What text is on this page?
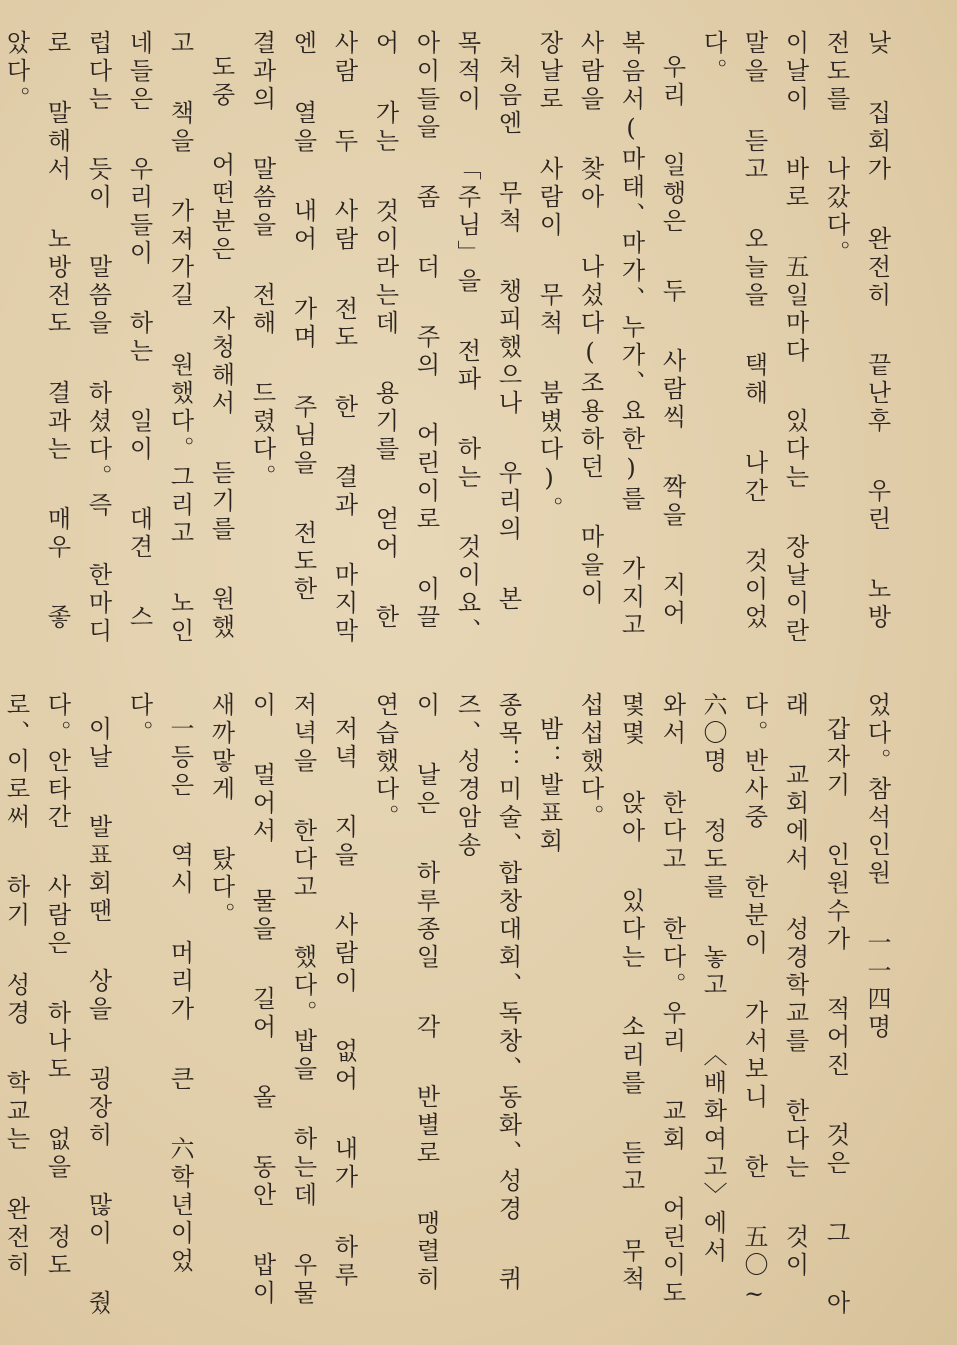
낮 집회가 완전히 끝난후 우린 노방 전도를 나갔다。

이날이 바로 五일마다 있다는 장날이란 말을 듣고 오늘을 택해 나간 것이었다。

우리 일행은 두 사람씩 짝을 지어 복음서(마태、마가、누가、요한)를 가지고 사람을 찾아 나섰다(조용하던 마을이 장날로 사람이 무척 붐볐다)。

처음엔 무척 챙피했으나 우리의 본 목적이 「주님」을 전파 하는 것이요、아이들을 좀 더 주의 어린이로 이끌어 가는 것이라는데 용기를 얻어 한 사람 두 사람 전도 한 결과 마지막엔 열을 내어 가며 주님을 전도한 결과의 말씀을 전해 드렸다。

도중 어떤분은 자청해서 듣기를 원했고 책을 가져가길 원했다。그리고 노인네들은 우리들이 하는 일이 대견 스럽다는 듯이 말씀을 하셨다。즉 한마디로 말해서 노방전도 결과는 매우 좋았다。

었다。참석인원 一一四명

갑자기 인원수가 적어진 것은 그 아래 교회에서 성경학교를 한다는 것이다。반사중 한분이 가서보니 한 五〇~六〇명 정도를 놓고 〈배화여고〉에서 와서 한다고 한다。우리 교회 어린이도 몇몇 앉아 있다는 소리를 듣고 무척 섭섭했다。

밤：발표회

종목：미술、합창대회、독창、동화、성경 퀴즈、성경암송

이 날은 하루종일 각 반별로 맹렬히 연습했다。

저녁 지을 사람이 없어 내가 하루 저녁을 한다고 했다。밥을 하는데 우물이 멀어서 물을 길어 올 동안 밥이 새까맣게 탔다。

一등은 역시 머리가 큰 六학년이었다。

이날 발표회땐 상을 굉장히 많이 줬다。안타간 사람은 하나도 없을 정도로、이로써 하기 성경 학교는 완전히
